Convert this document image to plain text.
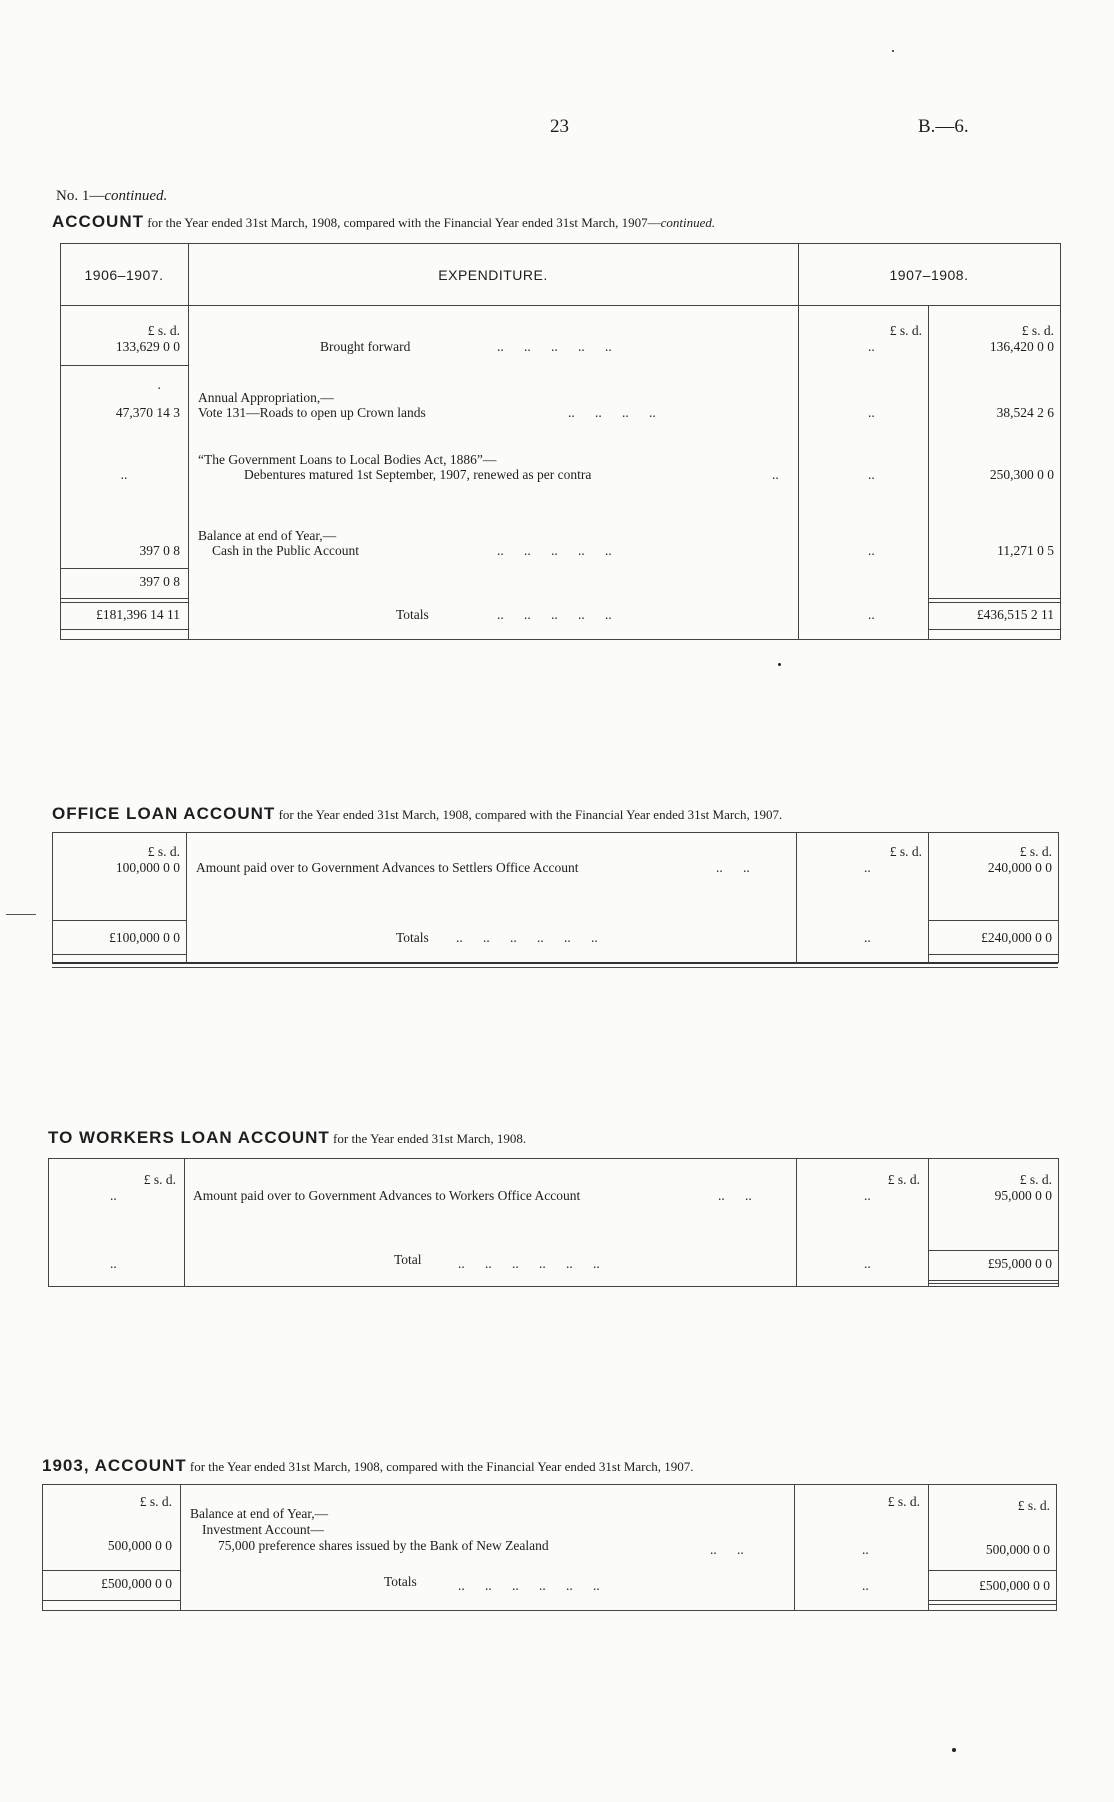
23	B.—6.
No. 1—continued.
ACCOUNT for the Year ended 31st March, 1908, compared with the Financial Year ended 31st March, 1907—continued.
1906–1907.	EXPENDITURE.	1907–1908.
£ s. d.	£ s. d.	£ s. d.
133,629 0 0	Brought forward	..      ..      ..      ..      ..	..	136,420 0 0
·
Annual Appropriation,—
47,370 14 3 Vote 131—Roads to open up Crown lands	..      ..      ..      ..	..	38,524 2 6
“The Government Loans to Local Bodies Act, 1886”—
..	Debentures matured 1st September, 1907, renewed as per contra	..	..	250,300 0 0
Balance at end of Year,—
397 0 8 Cash in the Public Account	..      ..      ..      ..      ..	..	11,271 0 5
397 0 8
£181,396 14 11	Totals	..      ..      ..      ..      ..	..	£436,515 2 11
OFFICE LOAN ACCOUNT for the Year ended 31st March, 1908, compared with the Financial Year ended 31st March, 1907.
£ s. d.	£ s. d.	£ s. d.
100,000 0 0 Amount paid over to Government Advances to Settlers Office Account	..      ..	..	240,000 0 0
£100,000 0 0	Totals ..      ..      ..      ..      ..      ..	..	£240,000 0 0
TO WORKERS LOAN ACCOUNT for the Year ended 31st March, 1908.
£ s. d.	£ s. d.	£ s. d.
..	Amount paid over to Government Advances to Workers Office Account	..      ..	..	95,000 0 0
..	Total	..      ..      ..      ..      ..      ..	..	£95,000 0 0
1903, ACCOUNT for the Year ended 31st March, 1908, compared with the Financial Year ended 31st March, 1907.
£ s. d.	£ s. d.	£ s. d.
Balance at end of Year,—
Investment Account—
500,000 0 0	75,000 preference shares issued by the Bank of New Zealand	..      ..	..	500,000 0 0
£500,000 0 0	Totals	..      ..      ..      ..      ..      ..	..	£500,000 0 0
